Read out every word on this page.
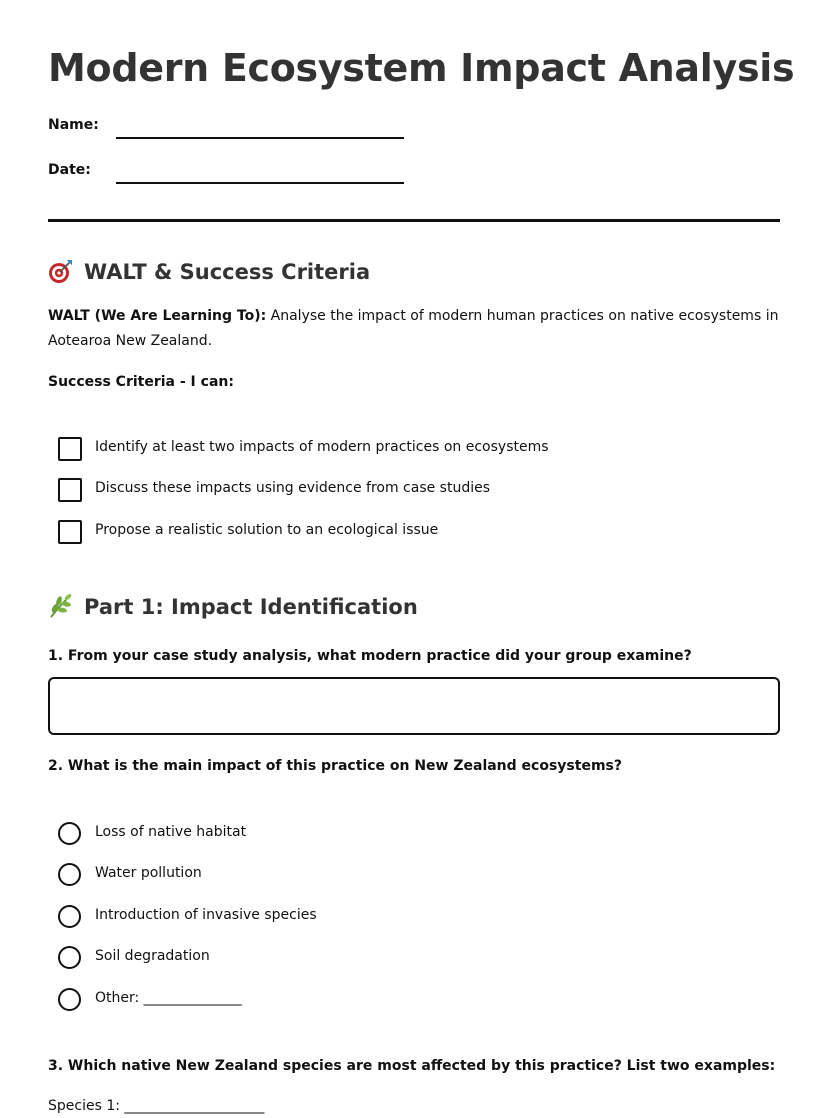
Modern Ecosystem Impact Analysis
Name:
Date:
WALT & Success Criteria

WALT (We Are Learning To): Analyse the impact of modern human practices on native ecosystems in Aotearoa New Zealand.

Success Criteria - I can:

Identify at least two impacts of modern practices on ecosystems
Discuss these impacts using evidence from case studies
Propose a realistic solution to an ecological issue
Part 1: Impact Identification

1. From your case study analysis, what modern practice did your group examine?

2. What is the main impact of this practice on New Zealand ecosystems?

Loss of native habitat
Water pollution
Introduction of invasive species
Soil degradation
Other: ______________

3. Which native New Zealand species are most affected by this practice? List two examples:

Species 1: ____________________
